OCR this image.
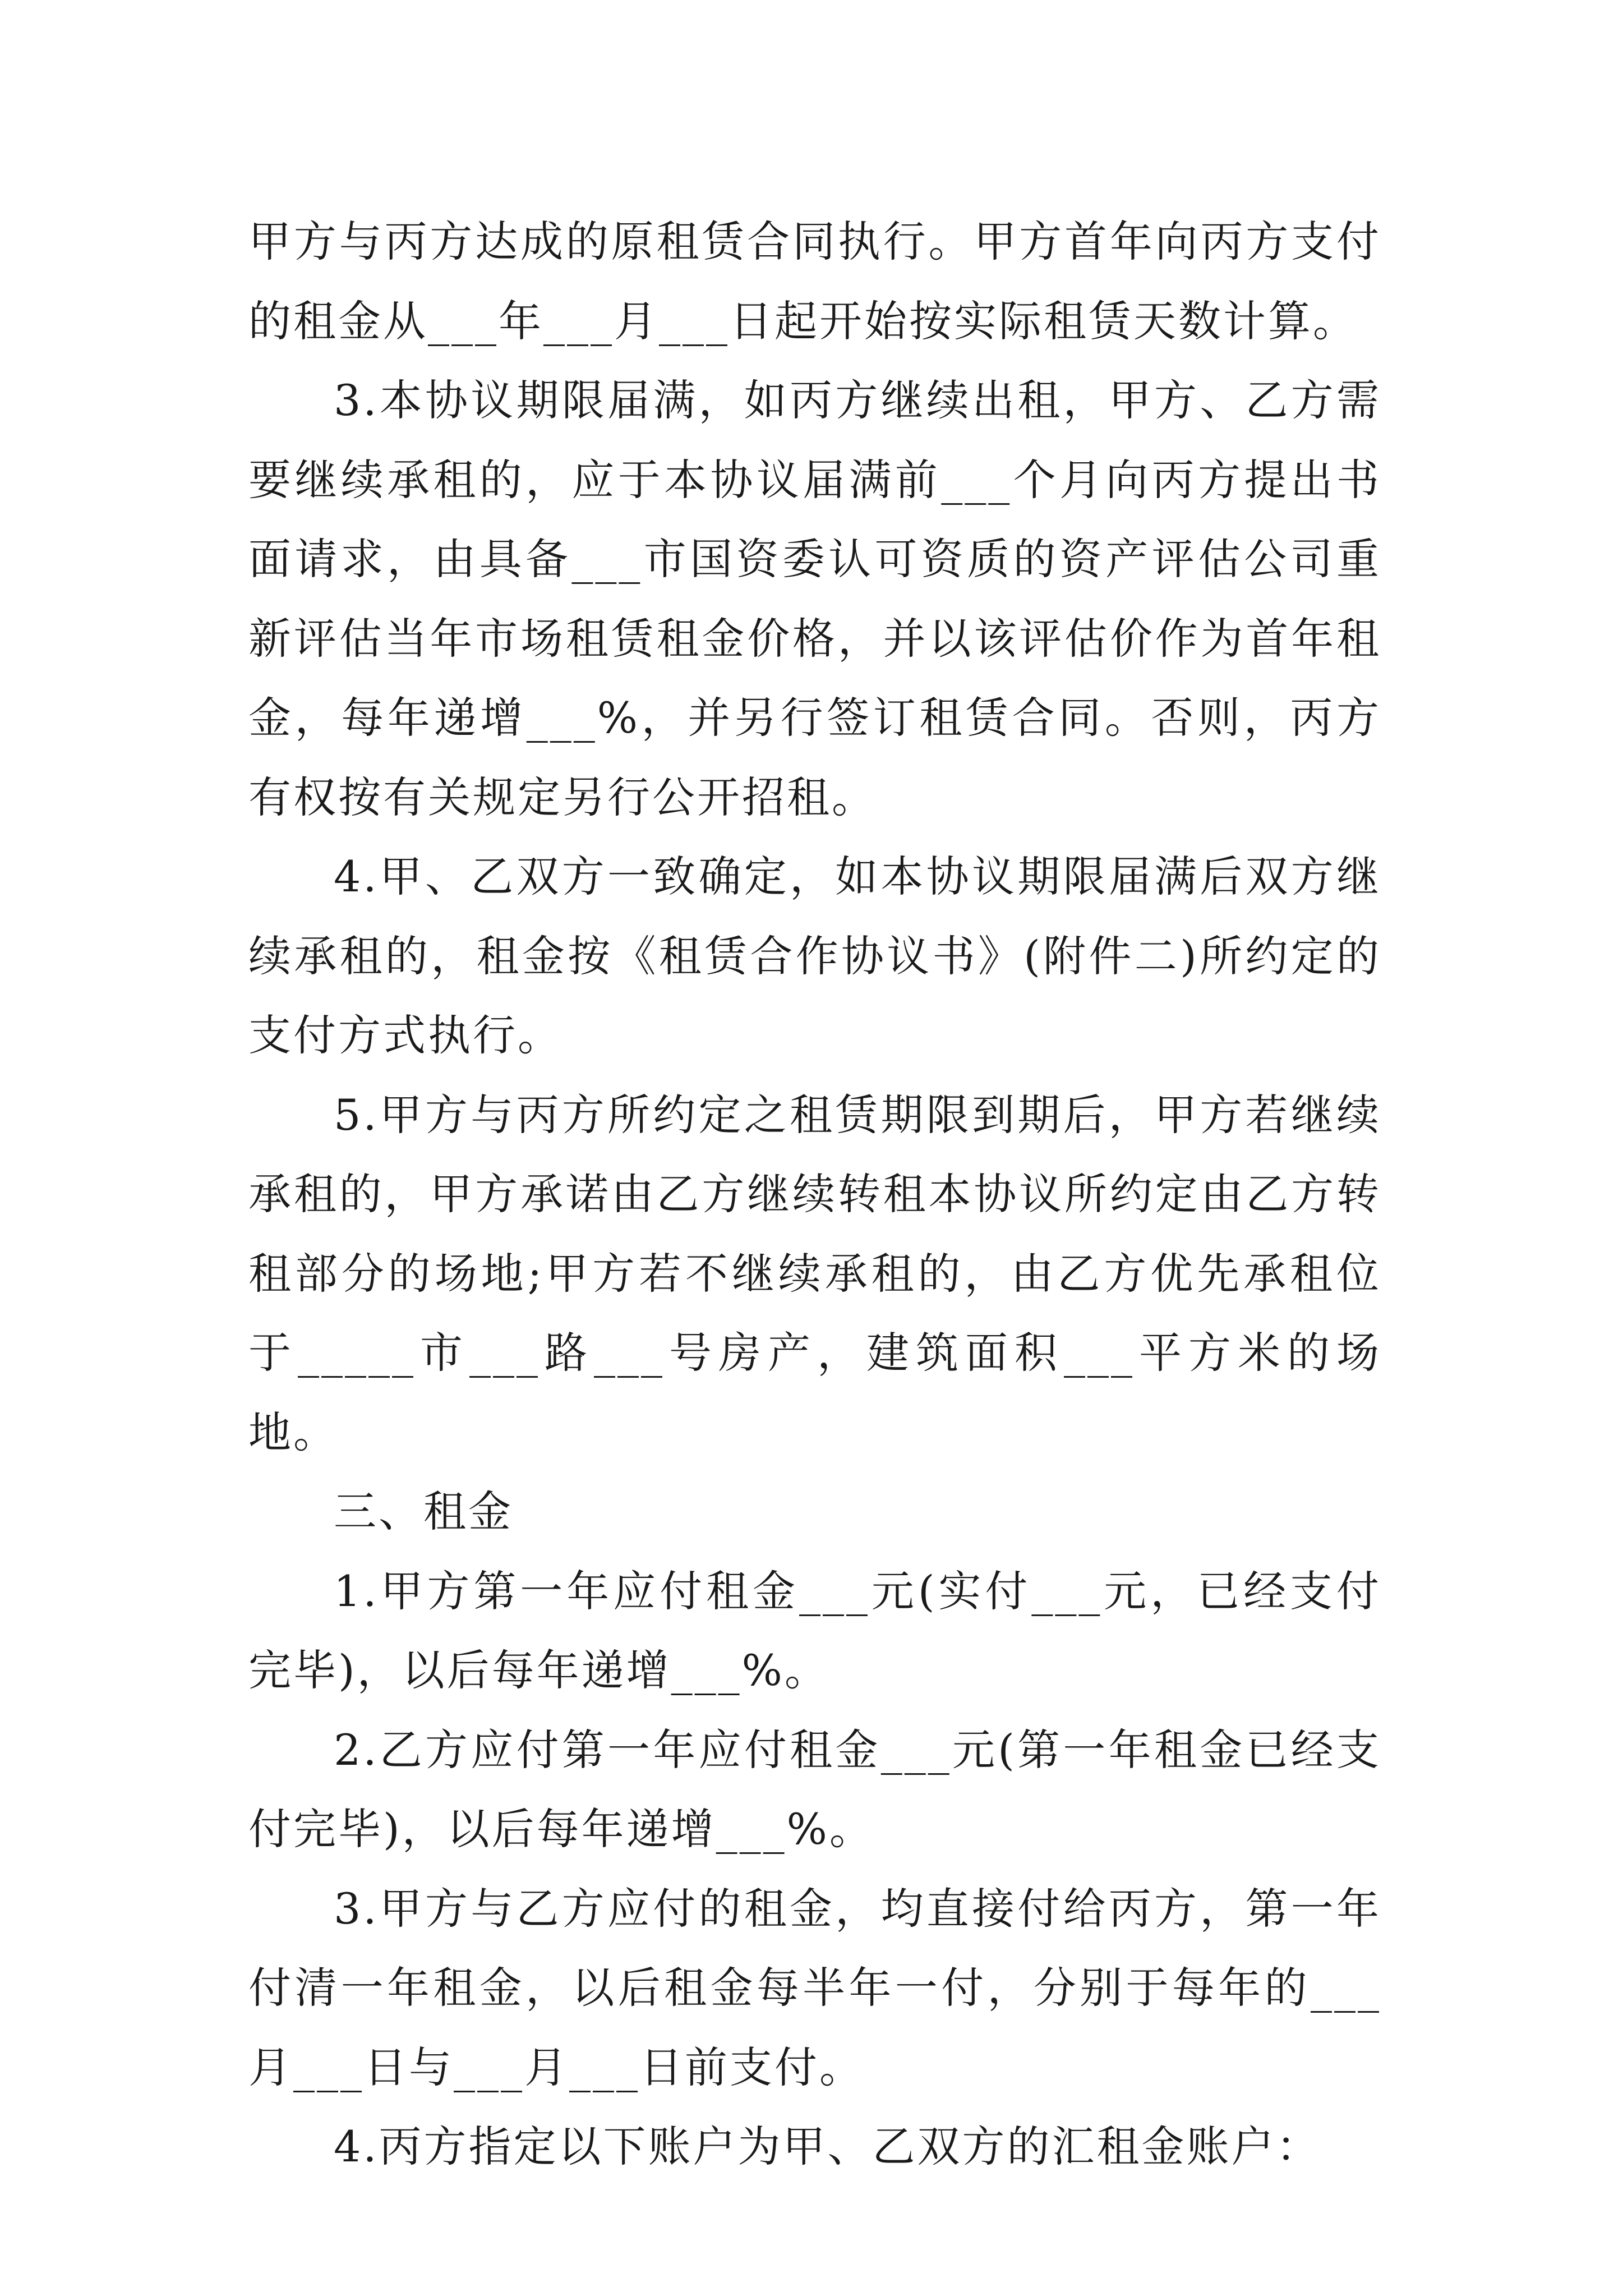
甲方与丙方达成的原租赁合同执行。甲方首年向丙方支付的租金从___年___月___日起开始按实际租赁天数计算。

3.本协议期限届满，如丙方继续出租，甲方、乙方需要继续承租的，应于本协议届满前___个月向丙方提出书面请求，由具备___市国资委认可资质的资产评估公司重新评估当年市场租赁租金价格，并以该评估价作为首年租金，每年递增___%，并另行签订租赁合同。否则，丙方有权按有关规定另行公开招租。

4.甲、乙双方一致确定，如本协议期限届满后双方继续承租的，租金按《租赁合作协议书》(附件二)所约定的支付方式执行。

5.甲方与丙方所约定之租赁期限到期后，甲方若继续承租的，甲方承诺由乙方继续转租本协议所约定由乙方转租部分的场地;甲方若不继续承租的，由乙方优先承租位于_____市___路___号房产，建筑面积___平方米的场地。

三、租金

1.甲方第一年应付租金___元(实付___元，已经支付完毕)，以后每年递增___%。

2.乙方应付第一年应付租金___元(第一年租金已经支付完毕)，以后每年递增___%。

3.甲方与乙方应付的租金，均直接付给丙方，第一年付清一年租金，以后租金每半年一付，分别于每年的___月___日与___月___日前支付。

4.丙方指定以下账户为甲、乙双方的汇租金账户：
